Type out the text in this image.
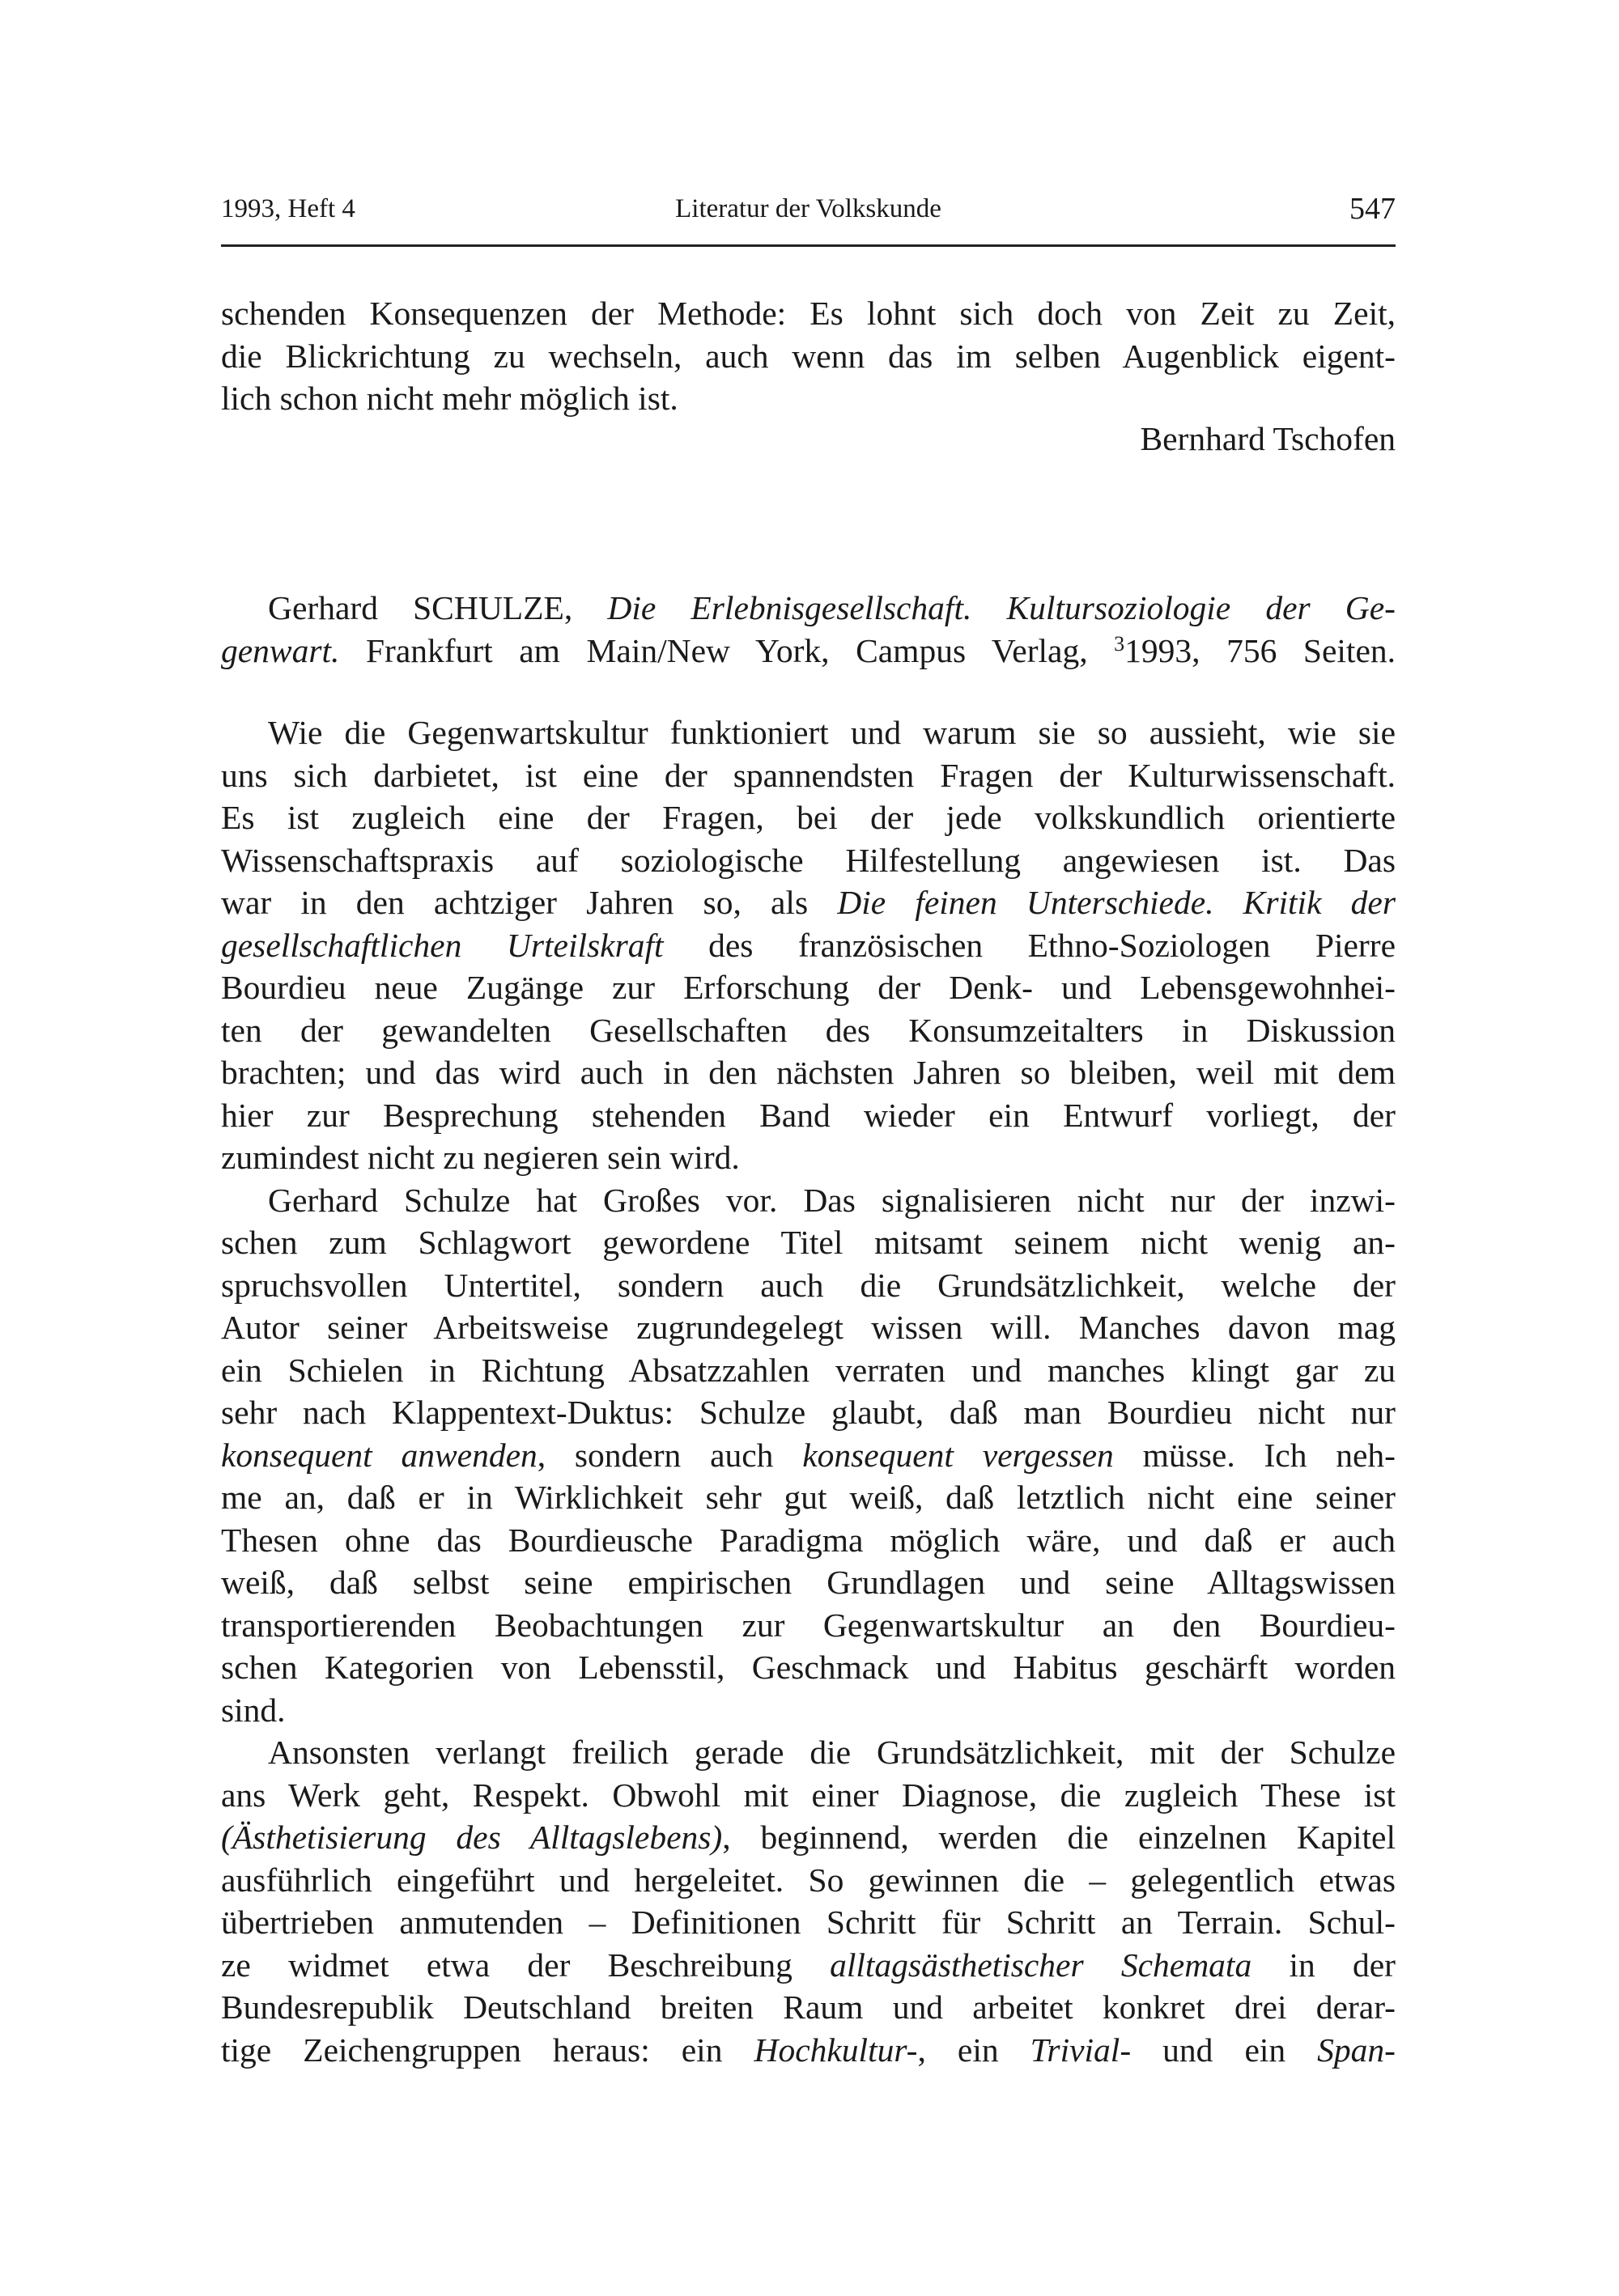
1993, Heft 4	Literatur der Volkskunde	547
schenden Konsequenzen der Methode: Es lohnt sich doch von Zeit zu Zeit,
die Blickrichtung zu wechseln, auch wenn das im selben Augenblick eigent-
lich schon nicht mehr möglich ist.
Bernhard Tschofen
Gerhard SCHULZE, Die Erlebnisgesellschaft. Kultursoziologie der Ge-
genwart. Frankfurt am Main/New York, Campus Verlag, $^3$1993, 756 Seiten.
Wie die Gegenwartskultur funktioniert und warum sie so aussieht, wie sie
uns sich darbietet, ist eine der spannendsten Fragen der Kulturwissenschaft.
Es ist zugleich eine der Fragen, bei der jede volkskundlich orientierte
Wissenschaftspraxis auf soziologische Hilfestellung angewiesen ist. Das
war in den achtziger Jahren so, als Die feinen Unterschiede. Kritik der
gesellschaftlichen Urteilskraft des französischen Ethno-Soziologen Pierre
Bourdieu neue Zugänge zur Erforschung der Denk- und Lebensgewohnhei-
ten der gewandelten Gesellschaften des Konsumzeitalters in Diskussion
brachten; und das wird auch in den nächsten Jahren so bleiben, weil mit dem
hier zur Besprechung stehenden Band wieder ein Entwurf vorliegt, der
zumindest nicht zu negieren sein wird.
Gerhard Schulze hat Großes vor. Das signalisieren nicht nur der inzwi-
schen zum Schlagwort gewordene Titel mitsamt seinem nicht wenig an-
spruchsvollen Untertitel, sondern auch die Grundsätzlichkeit, welche der
Autor seiner Arbeitsweise zugrundegelegt wissen will. Manches davon mag
ein Schielen in Richtung Absatzzahlen verraten und manches klingt gar zu
sehr nach Klappentext-Duktus: Schulze glaubt, daß man Bourdieu nicht nur
konsequent anwenden, sondern auch konsequent vergessen müsse. Ich neh-
me an, daß er in Wirklichkeit sehr gut weiß, daß letztlich nicht eine seiner
Thesen ohne das Bourdieusche Paradigma möglich wäre, und daß er auch
weiß, daß selbst seine empirischen Grundlagen und seine Alltagswissen
transportierenden Beobachtungen zur Gegenwartskultur an den Bourdieu-
schen Kategorien von Lebensstil, Geschmack und Habitus geschärft worden
sind.
Ansonsten verlangt freilich gerade die Grundsätzlichkeit, mit der Schulze
ans Werk geht, Respekt. Obwohl mit einer Diagnose, die zugleich These ist
(Ästhetisierung des Alltagslebens), beginnend, werden die einzelnen Kapitel
ausführlich eingeführt und hergeleitet. So gewinnen die – gelegentlich etwas
übertrieben anmutenden – Definitionen Schritt für Schritt an Terrain. Schul-
ze widmet etwa der Beschreibung alltagsästhetischer Schemata in der
Bundesrepublik Deutschland breiten Raum und arbeitet konkret drei derar-
tige Zeichengruppen heraus: ein Hochkultur-, ein Trivial- und ein Span-
